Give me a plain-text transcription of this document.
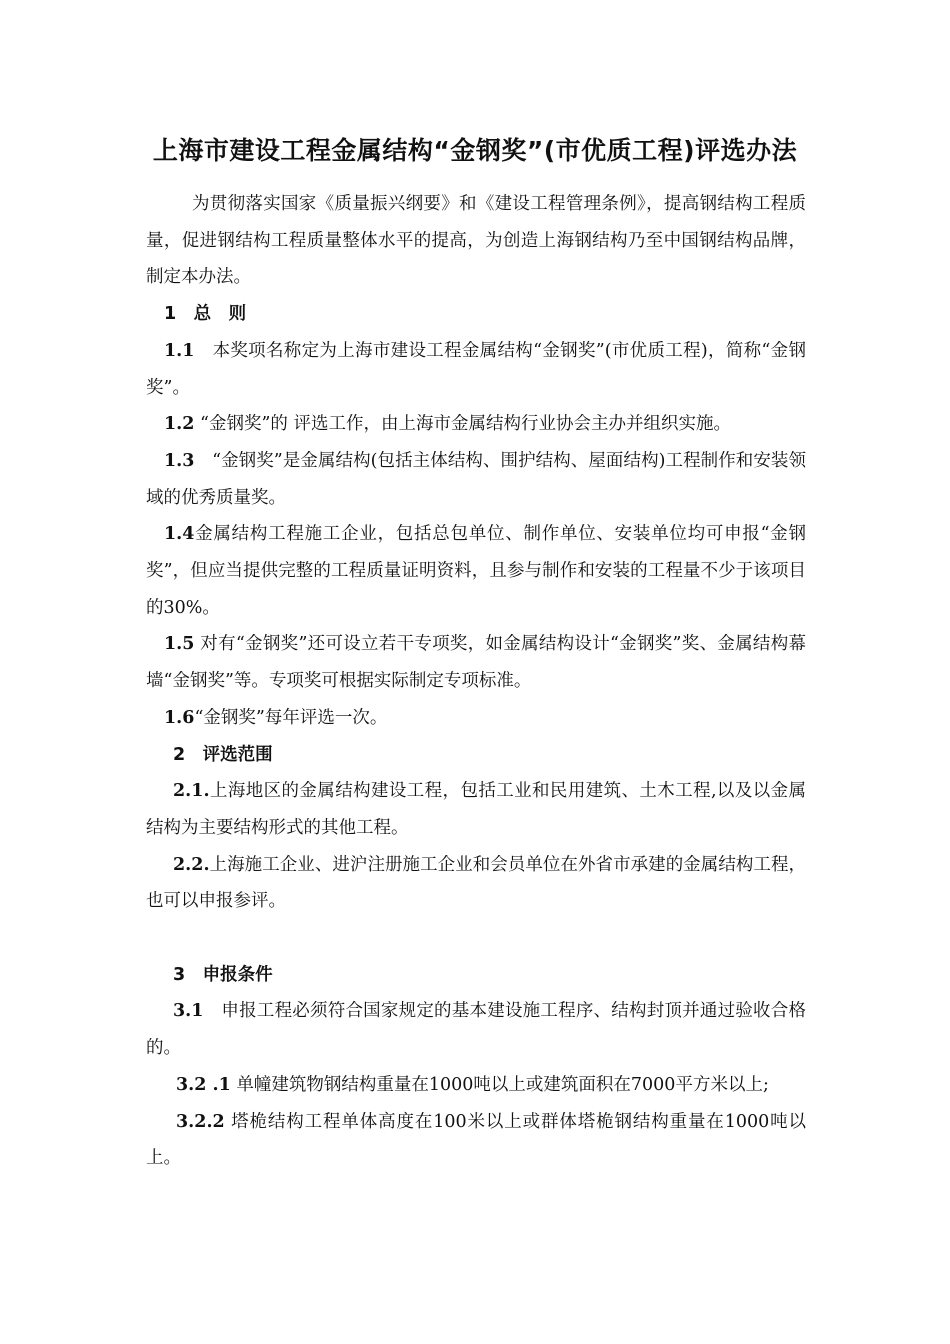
上海市建设工程金属结构“金钢奖”(市优质工程)评选办法

为贯彻落实国家《质量振兴纲要》和《建设工程管理条例》，提高钢结构工程质量，促进钢结构工程质量整体水平的提高，为创造上海钢结构乃至中国钢结构品牌，制定本办法。

1　总　则

1.1　本奖项名称定为上海市建设工程金属结构“金钢奖”(市优质工程)，简称“金钢奖”。

1.2 “金钢奖”的 评选工作，由上海市金属结构行业协会主办并组织实施。

1.3　“金钢奖”是金属结构(包括主体结构、围护结构、屋面结构)工程制作和安装领域的优秀质量奖。

1.4金属结构工程施工企业，包括总包单位、制作单位、安装单位均可申报“金钢奖”，但应当提供完整的工程质量证明资料，且参与制作和安装的工程量不少于该项目的30%。

1.5 对有“金钢奖”还可设立若干专项奖，如金属结构设计“金钢奖”奖、金属结构幕墙“金钢奖”等。专项奖可根据实际制定专项标准。

1.6“金钢奖”每年评选一次。

2　评选范围

2.1.上海地区的金属结构建设工程，包括工业和民用建筑、土木工程,以及以金属结构为主要结构形式的其他工程。

2.2.上海施工企业、进沪注册施工企业和会员单位在外省市承建的金属结构工程，也可以申报参评。

3　申报条件

3.1　申报工程必须符合国家规定的基本建设施工程序、结构封顶并通过验收合格的。

3.2 .1 单幢建筑物钢结构重量在1000吨以上或建筑面积在7000平方米以上;

3.2.2 塔桅结构工程单体高度在100米以上或群体塔桅钢结构重量在1000吨以上。
